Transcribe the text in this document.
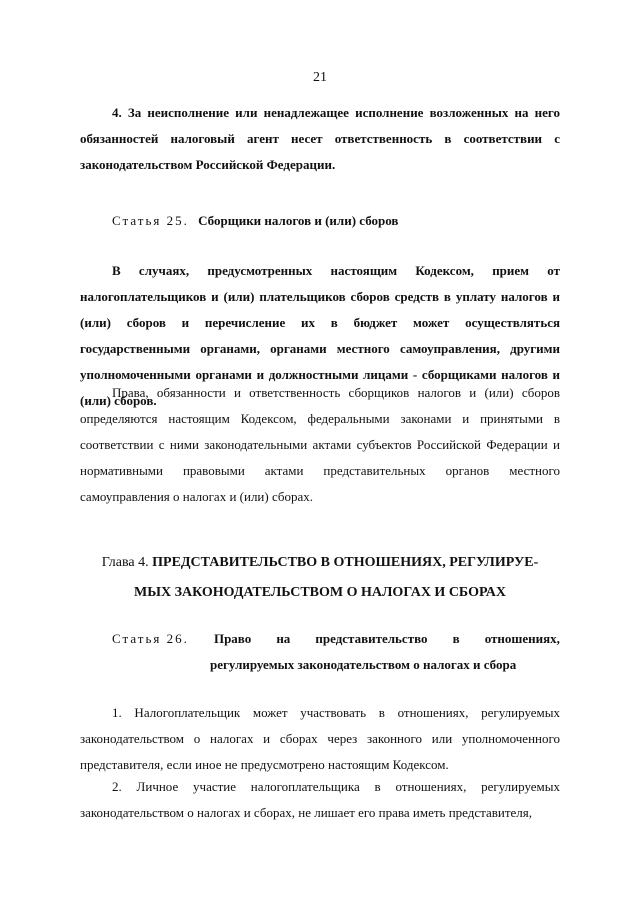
21

4. За неисполнение или ненадлежащее исполнение возложенных на него обязанностей налоговый агент несет ответственность в соответствии с законодательством Российской Федерации.

Статья 25. Сборщики налогов и (или) сборов

В случаях, предусмотренных настоящим Кодексом, прием от налогоплательщиков и (или) плательщиков сборов средств в уплату налогов и (или) сборов и перечисление их в бюджет может осуществляться государственными органами, органами местного самоуправления, другими уполномоченными органами и должностными лицами - сборщиками налогов и (или) сборов.

Права, обязанности и ответственность сборщиков налогов и (или) сборов определяются настоящим Кодексом, федеральными законами и принятыми в соответствии с ними законодательными актами субъектов Российской Федерации и нормативными правовыми актами представительных органов местного самоуправления о налогах и (или) сборах.

Глава 4. ПРЕДСТАВИТЕЛЬСТВО В ОТНОШЕНИЯХ, РЕГУЛИРУЕ-
МЫХ ЗАКОНОДАТЕЛЬСТВОМ О НАЛОГАХ И СБОРАХ
Статья 26. Право на представительство в отношениях,
регулируемых законодательством о налогах и сбора

1. Налогоплательщик может участвовать в отношениях, регулируемых законодательством о налогах и сборах через законного или уполномоченного представителя, если иное не предусмотрено настоящим Кодексом.

2. Личное участие налогоплательщика в отношениях, регулируемых законодательством о налогах и сборах, не лишает его права иметь представителя,
